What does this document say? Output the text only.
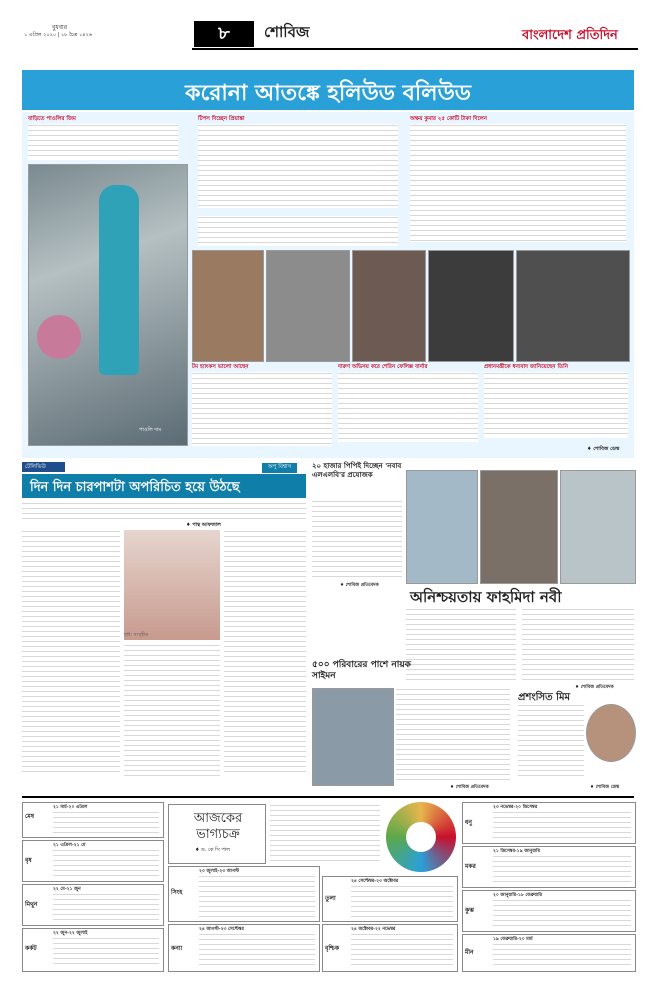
বুধবার
১ এপ্রিল ২০২০ | ১৮ চৈত্র ১৪২৬	৮	শোবিজ	বাংলাদেশ প্রতিদিন
করোনা আতঙ্কে হলিউড বলিউড
বাড়িতে পাওলির জিম
পাওলি দাম
টিপস দিচ্ছেন প্রিয়াঙ্কা	অক্ষয় কুমার ২৫ কোটি টাকা দিলেন
টম হ্যাংকস ভালো আছেন	দারুণ অভিনয় করে শেরিন ফেলিক্স বার্নার	প্রধানমন্ত্রীকে ধন্যবাদ জানিয়েছেন তিনি
♦ শোবিজ ডেস্ক
টেলিভিউ	অপু বিশ্বাস
দিন দিন চারপাশটা অপরিচিত হয়ে উঠছে
♦ পান্থ আফজাল
ছবি: সংগৃহীত
২০ হাজার পিপিই দিচ্ছেন 'নবাব এলএলবি'র প্রযোজক
♦ শোবিজ প্রতিবেদক
অনিশ্চয়তায় ফাহমিদা নবী
♦ শোবিজ প্রতিবেদক
৫০০ পরিবারের পাশে নায়ক সাইমন
♦ শোবিজ প্রতিবেদক
প্রশংসিত মিম
♦ শোবিজ ডেস্ক
মেষ
২১ মার্চ-২০ এপ্রিল
বৃষ
২১ এপ্রিল-২১ মে
মিথুন
২২ মে-২১ জুন
কর্কট
২২ জুন-২২ জুলাই
আজকের ভাগ্যচক্র
♦ ড. কে সি পাল
সিংহ
২৩ জুলাই-২৩ আগস্ট
কন্যা
২৪ আগস্ট-২৩ সেপ্টেম্বর
তুলা
২৪ সেপ্টেম্বর-২৩ অক্টোবর
বৃশ্চিক
২৪ অক্টোবর-২২ নভেম্বর
ধনু
২৩ নভেম্বর-২০ ডিসেম্বর
মকর
২১ ডিসেম্বর-১৯ জানুয়ারি
কুম্ভ
২০ জানুয়ারি-১৮ ফেব্রুয়ারি
মীন
১৯ ফেব্রুয়ারি-২০ মার্চ
